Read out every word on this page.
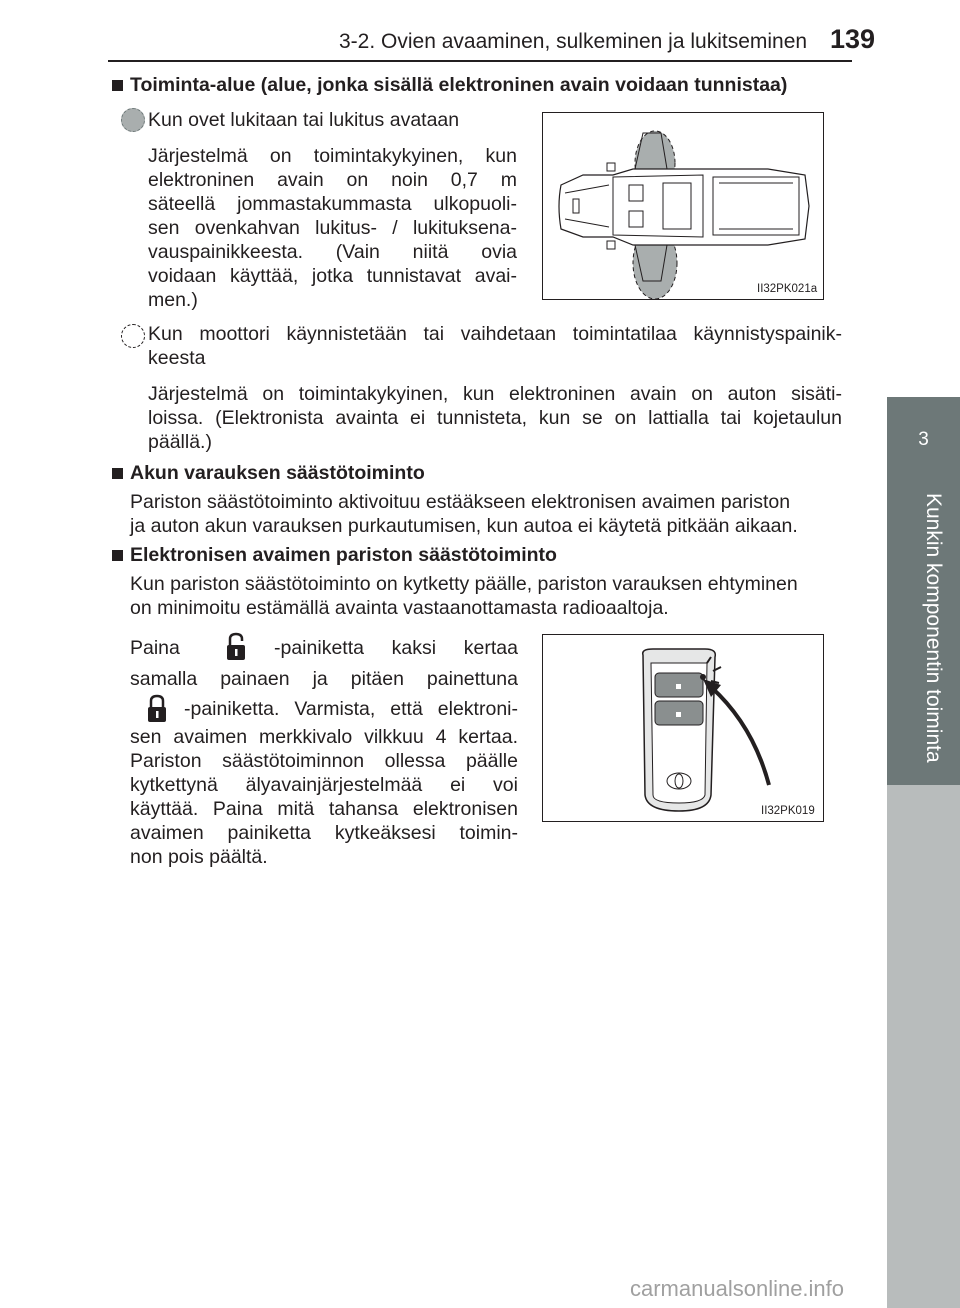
3-2. Ovien avaaminen, sulkeminen ja lukitseminen 139
3
Kunkin komponentin toiminta
Toiminta-alue (alue, jonka sisällä elektroninen avain voidaan tunnistaa)
Kun ovet lukitaan tai lukitus avataan
Järjestelmä on toimintakykyinen, kun
elektroninen avain on noin 0,7 m
säteellä jommastakummasta ulkopuoli-
sen ovenkahvan lukitus- / lukituksena-
vauspainikkeesta. (Vain niitä ovia
voidaan käyttää, jotka tunnistavat avai-
men.)	II32PK021a
Kun moottori käynnistetään tai vaihdetaan toimintatilaa käynnistyspainik-
keesta
Järjestelmä on toimintakykyinen, kun elektroninen avain on auton sisäti-
loissa. (Elektronista avainta ei tunnisteta, kun se on lattialla tai kojetaulun
päällä.)
Akun varauksen säästötoiminto
Pariston säästötoiminto aktivoituu estääkseen elektronisen avaimen pariston
ja auton akun varauksen purkautumisen, kun autoa ei käytetä pitkään aikaan.
Elektronisen avaimen pariston säästötoiminto
Kun pariston säästötoiminto on kytketty päälle, pariston varauksen ehtyminen
on minimoitu estämällä avainta vastaanottamasta radioaaltoja.
Paina	-painiketta kaksi kertaa
samalla painaen ja pitäen painettuna
-painiketta. Varmista, että elektroni-
sen avaimen merkkivalo vilkkuu 4 kertaa.
Pariston säästötoiminnon ollessa päälle
kytkettynä älyavainjärjestelmää ei voi
käyttää. Paina mitä tahansa elektronisen
avaimen painiketta kytkeäksesi toimin-
non pois päältä.
II32PK019
carmanualsonline.info
